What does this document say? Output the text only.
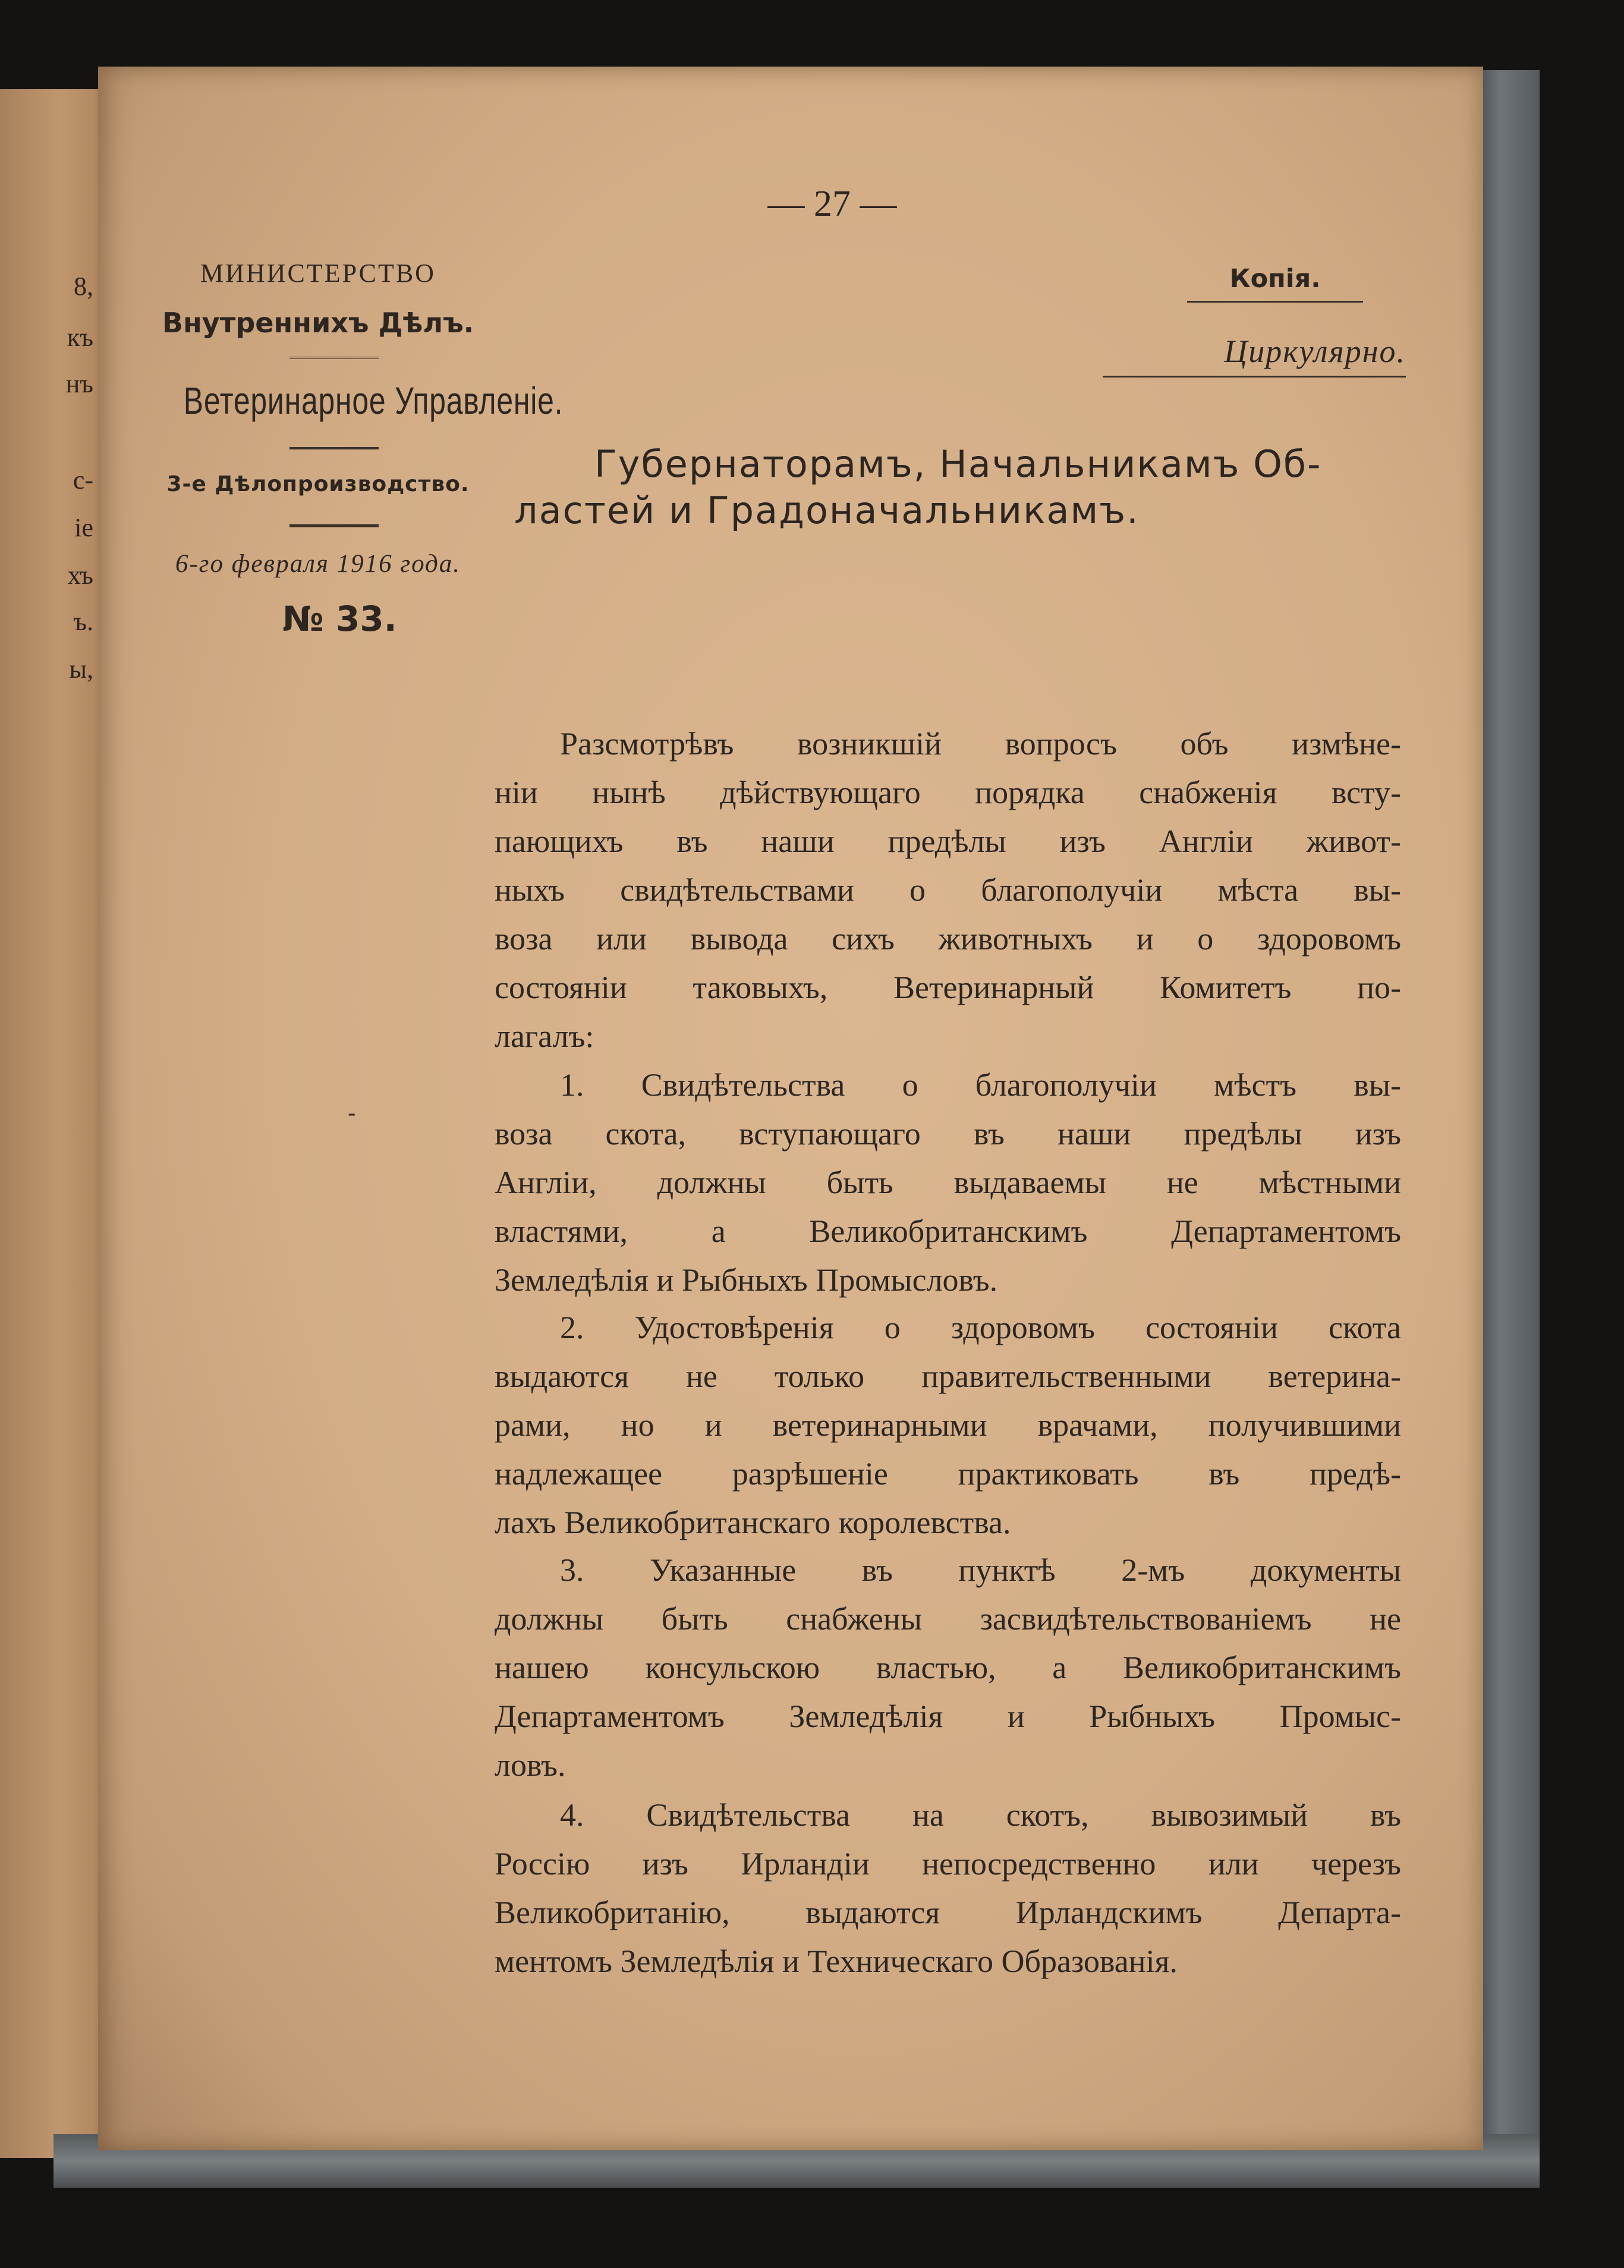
8,
къ
нъ
с-
іе
хъ
ъ.
ы,
— 27 —
МИНИСТЕРСТВО
Внутреннихъ Дѣлъ.
Ветеринарное Управленіе.
3-е Дѣлопроизводство.
6-го февраля 1916 года.
№ 33.
Копія.
Циркулярно.
Губернаторамъ, Начальникамъ Об-
ластей и Градоначальникамъ.
-
Разсмотрѣвъ возникшій вопросъ объ измѣне-
ніи нынѣ дѣйствующаго порядка снабженія всту-
пающихъ въ наши предѣлы изъ Англіи живот-
ныхъ свидѣтельствами о благополучіи мѣста вы-
воза или вывода сихъ животныхъ и о здоровомъ
состояніи таковыхъ, Ветеринарный Комитетъ по-
лагалъ:
1. Свидѣтельства о благополучіи мѣстъ вы-
воза скота, вступающаго въ наши предѣлы изъ
Англіи, должны быть выдаваемы не мѣстными
властями, а Великобританскимъ Департаментомъ
Земледѣлія и Рыбныхъ Промысловъ.
2. Удостовѣренія о здоровомъ состояніи скота
выдаются не только правительственными ветерина-
рами, но и ветеринарными врачами, получившими
надлежащее разрѣшеніе практиковать въ предѣ-
лахъ Великобританскаго королевства.
3. Указанные въ пунктѣ 2-мъ документы
должны быть снабжены засвидѣтельствованіемъ не
нашею консульскою властью, а Великобританскимъ
Департаментомъ Земледѣлія и Рыбныхъ Промыс-
ловъ.
4. Свидѣтельства на скотъ, вывозимый въ
Россію изъ Ирландіи непосредственно или черезъ
Великобританію, выдаются Ирландскимъ Департа-
ментомъ Земледѣлія и Техническаго Образованія.
